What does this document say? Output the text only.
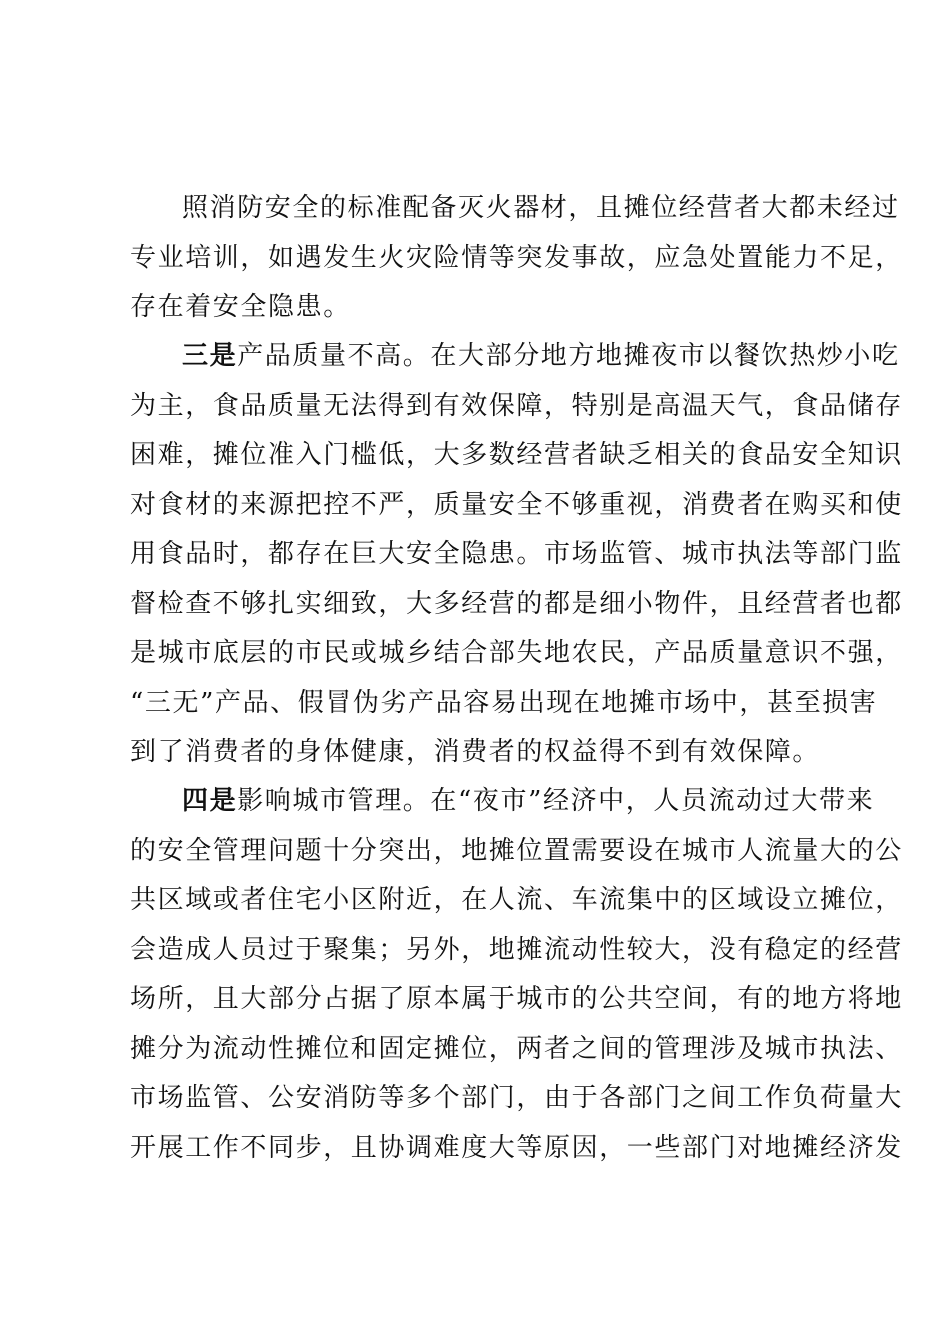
照消防安全的标准配备灭火器材，且摊位经营者大都未经过
专业培训，如遇发生火灾险情等突发事故，应急处置能力不足，
存在着安全隐患。
三是产品质量不高。在大部分地方地摊夜市以餐饮热炒小吃
为主，食品质量无法得到有效保障，特别是高温天气，食品储存
困难，摊位准入门槛低，大多数经营者缺乏相关的食品安全知识
对食材的来源把控不严，质量安全不够重视，消费者在购买和使
用食品时，都存在巨大安全隐患。市场监管、城市执法等部门监
督检查不够扎实细致，大多经营的都是细小物件，且经营者也都
是城市底层的市民或城乡结合部失地农民，产品质量意识不强，
“三无”产品、假冒伪劣产品容易出现在地摊市场中，甚至损害
到了消费者的身体健康，消费者的权益得不到有效保障。
四是影响城市管理。在“夜市”经济中，人员流动过大带来
的安全管理问题十分突出，地摊位置需要设在城市人流量大的公
共区域或者住宅小区附近，在人流、车流集中的区域设立摊位，
会造成人员过于聚集；另外，地摊流动性较大，没有稳定的经营
场所，且大部分占据了原本属于城市的公共空间，有的地方将地
摊分为流动性摊位和固定摊位，两者之间的管理涉及城市执法、
市场监管、公安消防等多个部门，由于各部门之间工作负荷量大
开展工作不同步，且协调难度大等原因，一些部门对地摊经济发
